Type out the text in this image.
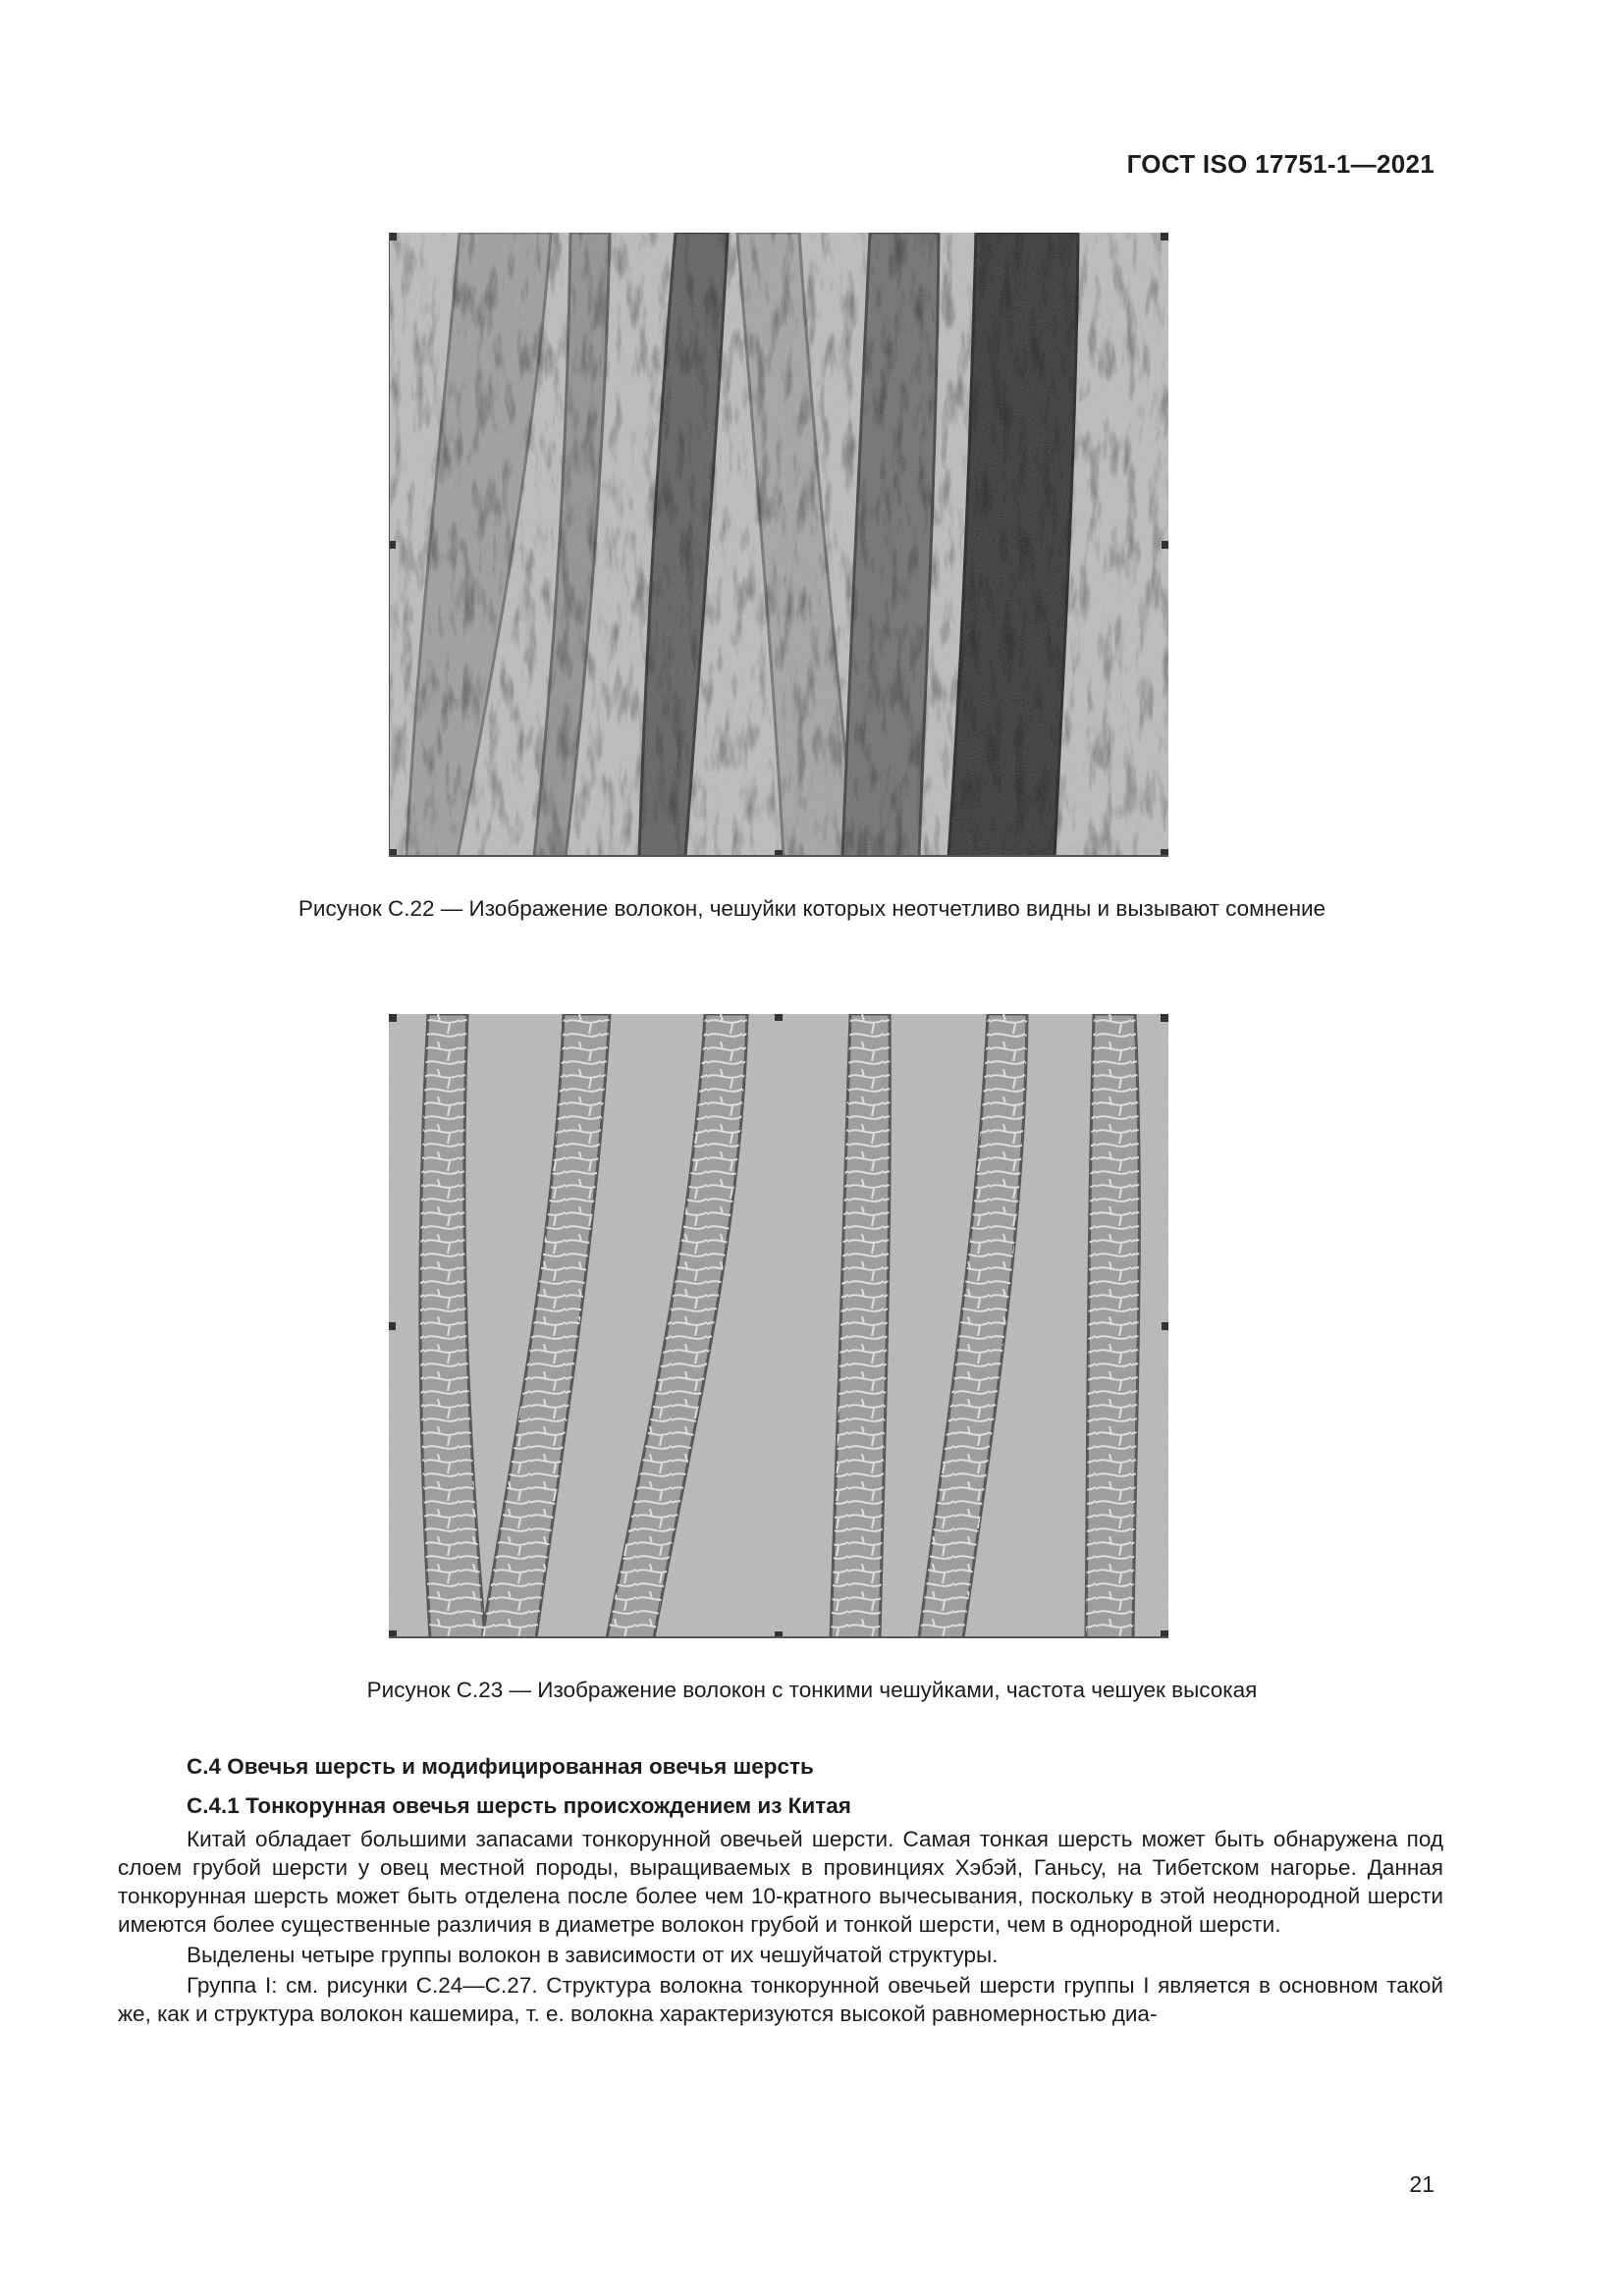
ГОСТ ISO 17751-1—2021
Рисунок С.22 — Изображение волокон, чешуйки которых неотчетливо видны и вызывают сомнение
Рисунок С.23 — Изображение волокон с тонкими чешуйками, частота чешуек высокая
С.4 Овечья шерсть и модифицированная овечья шерсть
С.4.1 Тонкорунная овечья шерсть происхождением из Китая

Китай обладает большими запасами тонкорунной овечьей шерсти. Самая тонкая шерсть может быть обнаружена под слоем грубой шерсти у овец местной породы, выращиваемых в провинциях Хэбэй, Ганьсу, на Тибетском нагорье. Данная тонкорунная шерсть может быть отделена после более чем 10-кратного вычесывания, поскольку в этой неоднородной шерсти имеются более существенные различия в диаметре волокон грубой и тонкой шерсти, чем в однородной шерсти.

Выделены четыре группы волокон в зависимости от их чешуйчатой структуры.

Группа I: см. рисунки С.24—С.27. Структура волокна тонкорунной овечьей шерсти группы I является в основном такой же, как и структура волокон кашемира, т. е. волокна характеризуются высокой равномерностью диа-

21
